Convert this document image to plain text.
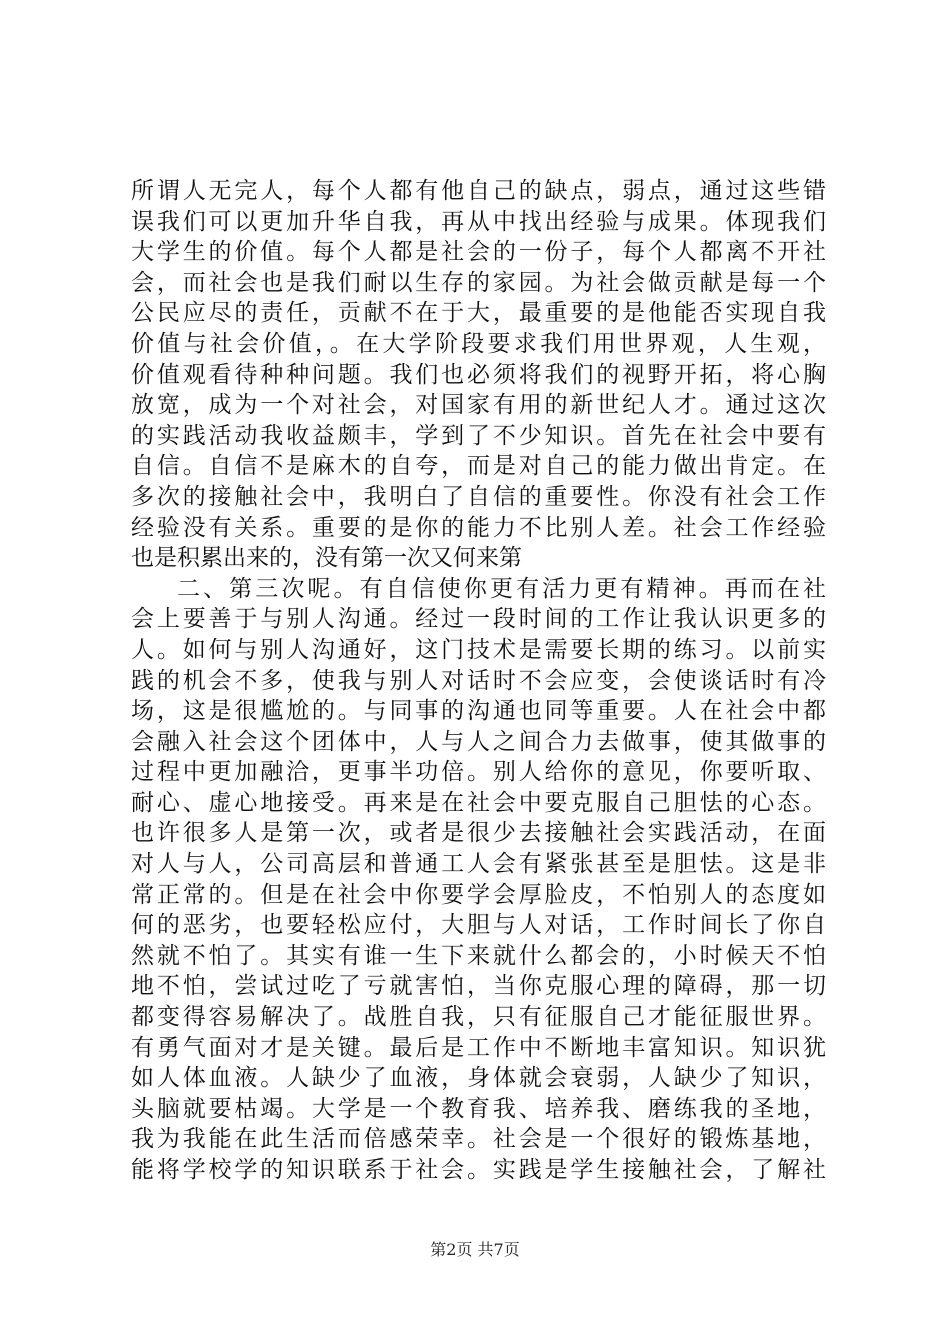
所谓人无完人，每个人都有他自己的缺点，弱点，通过这些错
误我们可以更加升华自我，再从中找出经验与成果。体现我们
大学生的价值。每个人都是社会的一份子，每个人都离不开社
会，而社会也是我们耐以生存的家园。为社会做贡献是每一个
公民应尽的责任，贡献不在于大，最重要的是他能否实现自我
价值与社会价值，。在大学阶段要求我们用世界观，人生观，
价值观看待种种问题。我们也必须将我们的视野开拓，将心胸
放宽，成为一个对社会，对国家有用的新世纪人才。通过这次
的实践活动我收益颇丰，学到了不少知识。首先在社会中要有
自信。自信不是麻木的自夸，而是对自己的能力做出肯定。在
多次的接触社会中，我明白了自信的重要性。你没有社会工作
经验没有关系。重要的是你的能力不比别人差。社会工作经验
也是积累出来的，没有第一次又何来第
二、第三次呢。有自信使你更有活力更有精神。再而在社
会上要善于与别人沟通。经过一段时间的工作让我认识更多的
人。如何与别人沟通好，这门技术是需要长期的练习。以前实
践的机会不多，使我与别人对话时不会应变，会使谈话时有冷
场，这是很尴尬的。与同事的沟通也同等重要。人在社会中都
会融入社会这个团体中，人与人之间合力去做事，使其做事的
过程中更加融洽，更事半功倍。别人给你的意见，你要听取、
耐心、虚心地接受。再来是在社会中要克服自己胆怯的心态。
也许很多人是第一次，或者是很少去接触社会实践活动，在面
对人与人，公司高层和普通工人会有紧张甚至是胆怯。这是非
常正常的。但是在社会中你要学会厚脸皮，不怕别人的态度如
何的恶劣，也要轻松应付，大胆与人对话，工作时间长了你自
然就不怕了。其实有谁一生下来就什么都会的，小时候天不怕
地不怕，尝试过吃了亏就害怕，当你克服心理的障碍，那一切
都变得容易解决了。战胜自我，只有征服自己才能征服世界。
有勇气面对才是关键。最后是工作中不断地丰富知识。知识犹
如人体血液。人缺少了血液，身体就会衰弱，人缺少了知识，
头脑就要枯竭。大学是一个教育我、培养我、磨练我的圣地，
我为我能在此生活而倍感荣幸。社会是一个很好的锻炼基地，
能将学校学的知识联系于社会。实践是学生接触社会，了解社
第2页 共7页
